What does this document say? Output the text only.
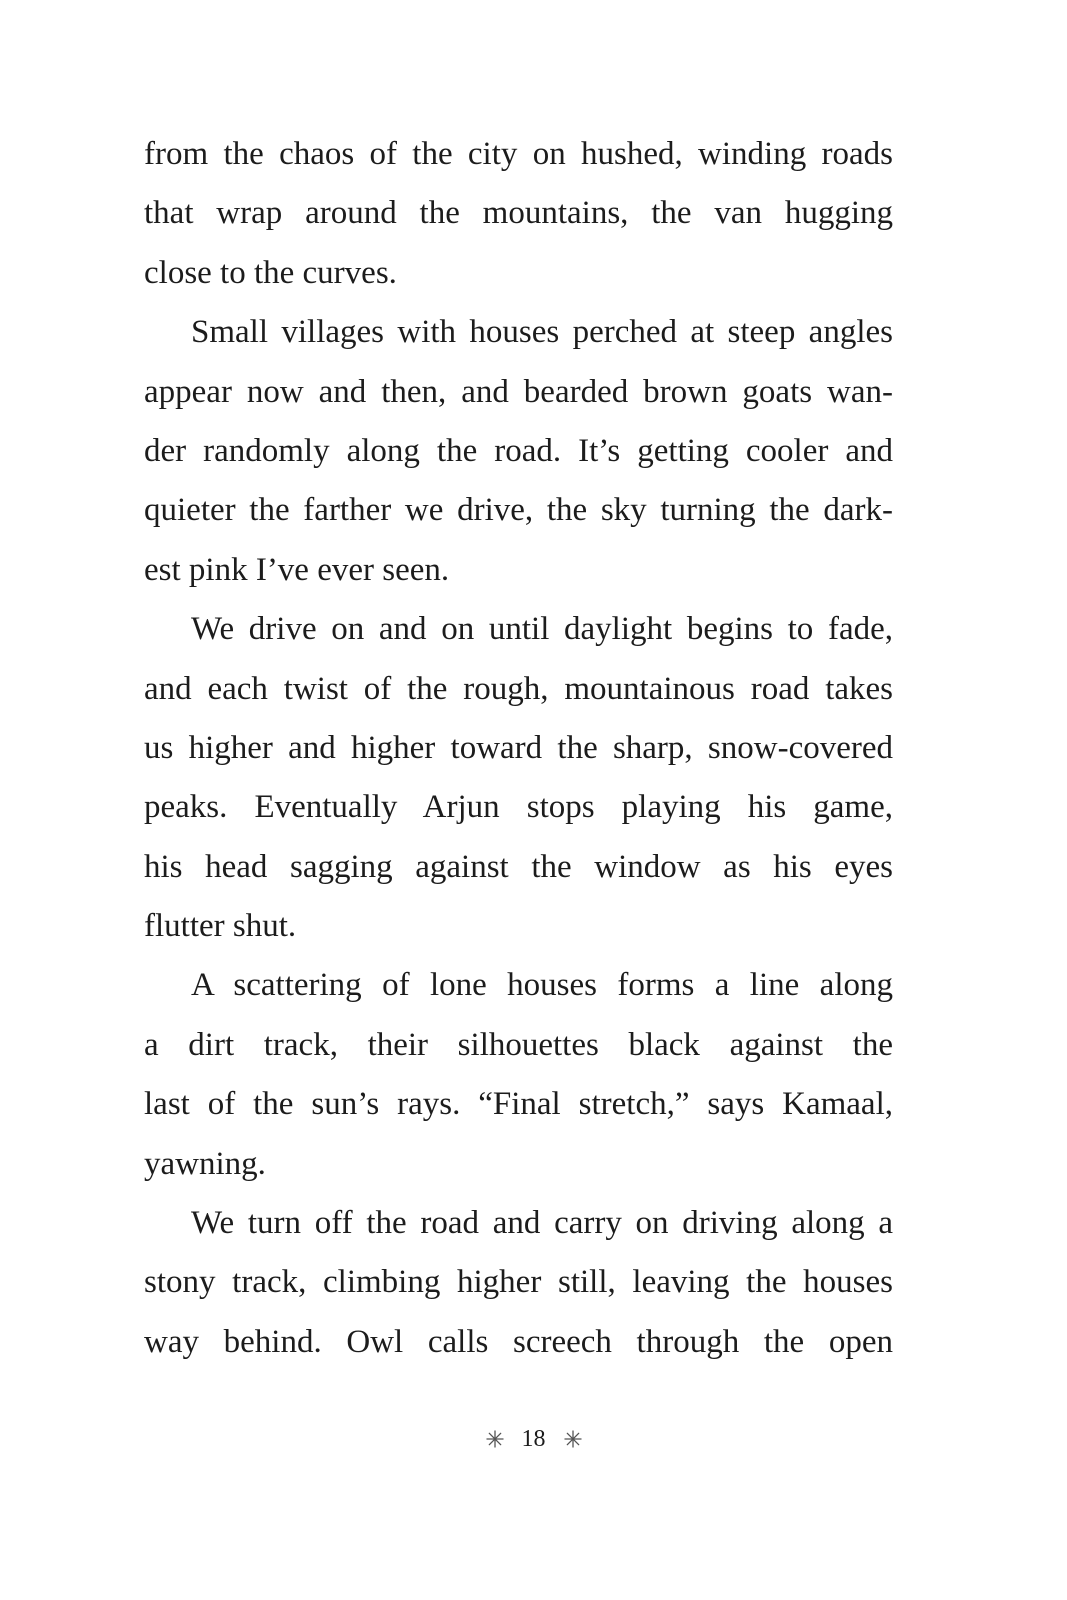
from the chaos of the city on hushed, winding roads
that wrap around the mountains, the van hugging
close to the curves.
Small villages with houses perched at steep angles
appear now and then, and bearded brown goats wan-
der randomly along the road. It’s getting cooler and
quieter the farther we drive, the sky turning the dark-
est pink I’ve ever seen.
We drive on and on until daylight begins to fade,
and each twist of the rough, mountainous road takes
us higher and higher toward the sharp, snow-covered
peaks. Eventually Arjun stops playing his game,
his head sagging against the window as his eyes
flutter shut.
A scattering of lone houses forms a line along
a dirt track, their silhouettes black against the
last of the sun’s rays. “Final stretch,” says Kamaal,
yawning.
We turn off the road and carry on driving along a
stony track, climbing higher still, leaving the houses
way behind. Owl calls screech through the open
18
